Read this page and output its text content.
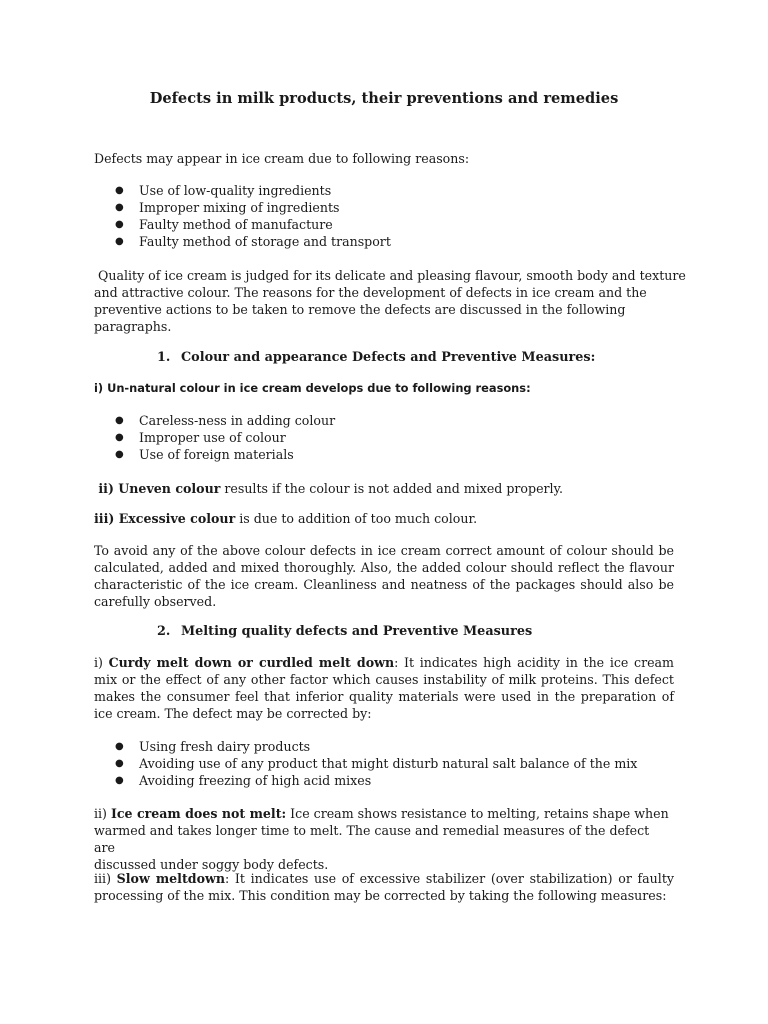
Defects in milk products, their preventions and remedies

Defects may appear in ice cream due to following reasons:

● Use of low-quality ingredients
● Improper mixing of ingredients
● Faulty method of manufacture
● Faulty method of storage and transport
Quality of ice cream is judged for its delicate and pleasing flavour, smooth body and texture
and attractive colour. The reasons for the development of defects in ice cream and the
preventive actions to be taken to remove the defects are discussed in the following
paragraphs.
1. Colour and appearance Defects and Preventive Measures:
i) Un-natural colour in ice cream develops due to following reasons:
● Careless-ness in adding colour
● Improper use of colour
● Use of foreign materials

ii) Uneven colour results if the colour is not added and mixed properly.

iii) Excessive colour is due to addition of too much colour.

To avoid any of the above colour defects in ice cream correct amount of colour should be calculated, added and mixed thoroughly. Also, the added colour should reflect the flavour characteristic of the ice cream. Cleanliness and neatness of the packages should also be carefully observed.

2. Melting quality defects and Preventive Measures

i) Curdy melt down or curdled melt down: It indicates high acidity in the ice cream mix or the effect of any other factor which causes instability of milk proteins. This defect makes the consumer feel that inferior quality materials were used in the preparation of ice cream. The defect may be corrected by:

● Using fresh dairy products
● Avoiding use of any product that might disturb natural salt balance of the mix
● Avoiding freezing of high acid mixes
ii) Ice cream does not melt: Ice cream shows resistance to melting, retains shape when
warmed and takes longer time to melt. The cause and remedial measures of the defect are
discussed under soggy body defects.

iii) Slow meltdown: It indicates use of excessive stabilizer (over stabilization) or faulty processing of the mix. This condition may be corrected by taking the following measures:
